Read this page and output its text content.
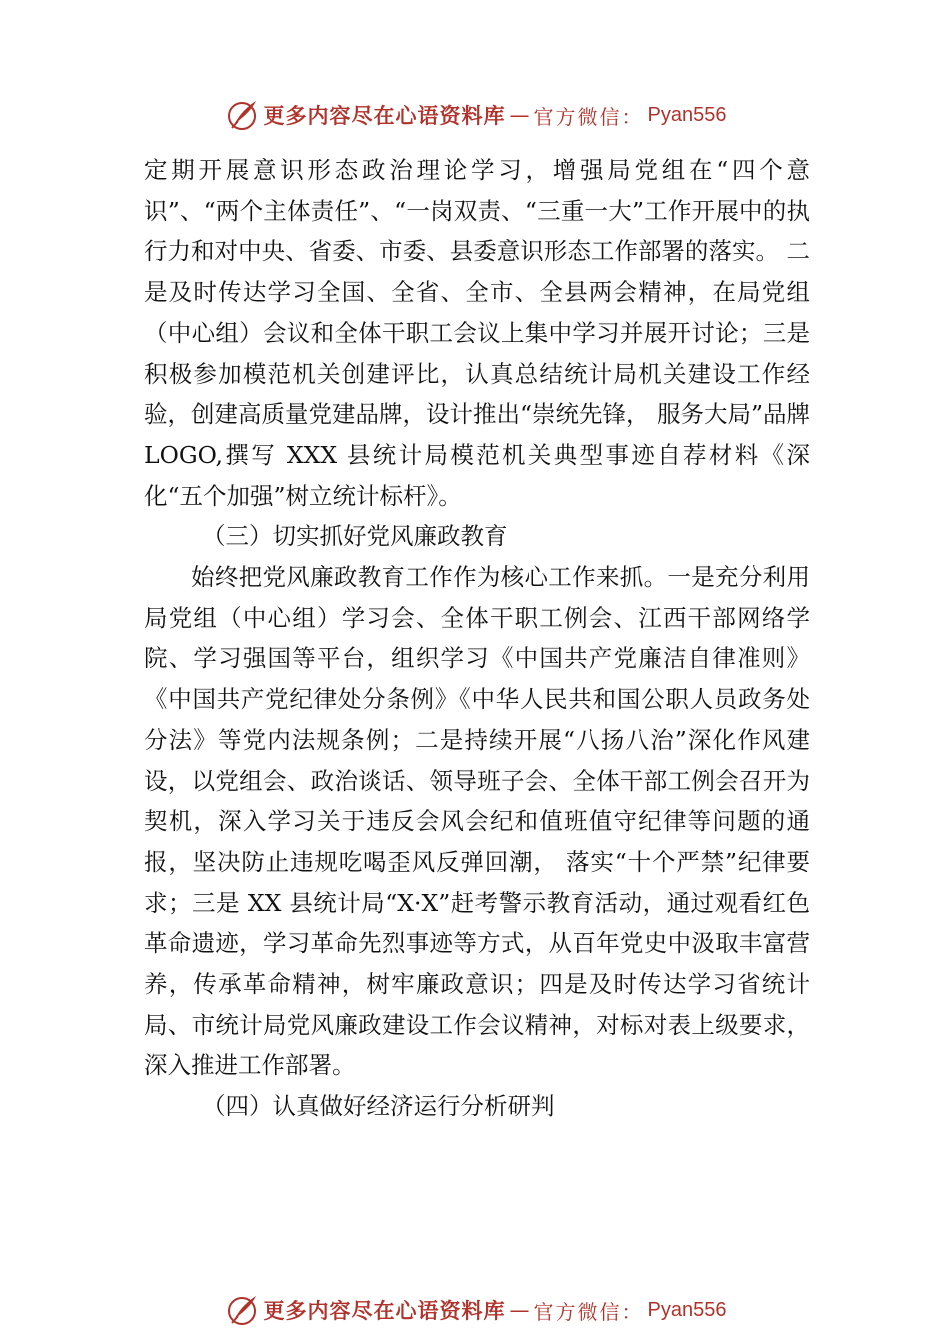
更多内容尽在心语资料库 — 官方微信： Pyan556

定期开展意识形态政治理论学习，增强局党组在“四个意识”、“两个主体责任”、“一岗双责、“三重一大”工作开展中的执行力和对中央、省委、市委、县委意识形态工作部署的落实。 二是及时传达学习全国、全省、全市、全县两会精神，在局党组（中心组）会议和全体干职工会议上集中学习并展开讨论；三是积极参加模范机关创建评比，认真总结统计局机关建设工作经验，创建高质量党建品牌，设计推出“崇统先锋， 服务大局”品牌 LOGO,撰写 XXX 县统计局模范机关典型事迹自荐材料《深化“五个加强”树立统计标杆》。

（三）切实抓好党风廉政教育

始终把党风廉政教育工作作为核心工作来抓。一是充分利用局党组（中心组）学习会、全体干职工例会、江西干部网络学院、学习强国等平台，组织学习《中国共产党廉洁自律准则》《中国共产党纪律处分条例》《中华人民共和国公职人员政务处分法》等党内法规条例；二是持续开展“八扬八治”深化作风建设，以党组会、政治谈话、领导班子会、全体干部工例会召开为契机，深入学习关于违反会风会纪和值班值守纪律等问题的通报，坚决防止违规吃喝歪风反弹回潮， 落实“十个严禁”纪律要求；三是 XX 县统计局“X·X”赶考警示教育活动，通过观看红色革命遗迹，学习革命先烈事迹等方式，从百年党史中汲取丰富营养，传承革命精神，树牢廉政意识；四是及时传达学习省统计局、市统计局党风廉政建设工作会议精神，对标对表上级要求，深入推进工作部署。

（四）认真做好经济运行分析研判

更多内容尽在心语资料库 — 官方微信： Pyan556
